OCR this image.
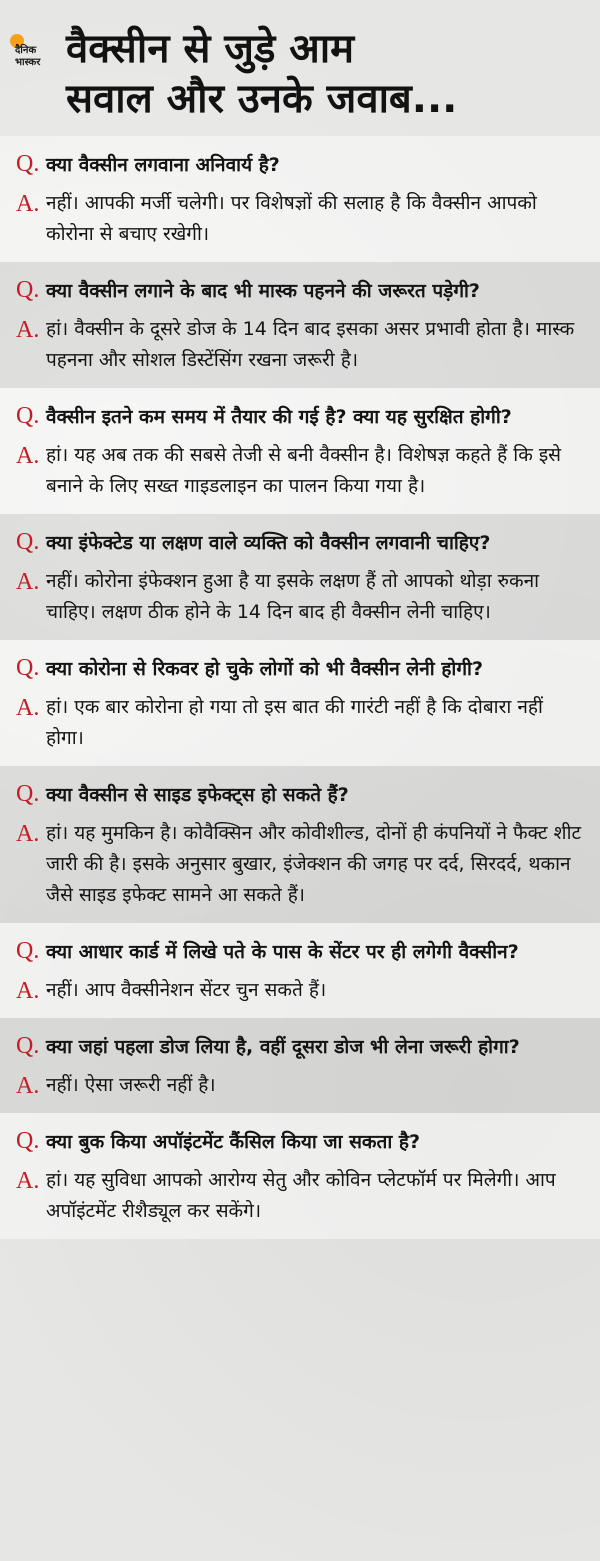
दैनिक
भास्कर वैक्सीन से जुड़े आम
सवाल और उनके जवाब...
Q. क्या वैक्सीन लगवाना अनिवार्य है?
A. नहीं। आपकी मर्जी चलेगी। पर विशेषज्ञों की सलाह है कि वैक्सीन आपको कोरोना से बचाए रखेगी।
Q. क्या वैक्सीन लगाने के बाद भी मास्क पहनने की जरूरत पड़ेगी?
A. हां। वैक्सीन के दूसरे डोज के 14 दिन बाद इसका असर प्रभावी होता है। मास्क पहनना और सोशल डिस्टेंसिंग रखना जरूरी है।
Q. वैक्सीन इतने कम समय में तैयार की गई है? क्या यह सुरक्षित होगी?
A. हां। यह अब तक की सबसे तेजी से बनी वैक्सीन है। विशेषज्ञ कहते हैं कि इसे बनाने के लिए सख्त गाइडलाइन का पालन किया गया है।
Q. क्या इंफेक्टेड या लक्षण वाले व्यक्ति को वैक्सीन लगवानी चाहिए?
A. नहीं। कोरोना इंफेक्शन हुआ है या इसके लक्षण हैं तो आपको थोड़ा रुकना चाहिए। लक्षण ठीक होने के 14 दिन बाद ही वैक्सीन लेनी चाहिए।
Q. क्या कोरोना से रिकवर हो चुके लोगों को भी वैक्सीन लेनी होगी?
A. हां। एक बार कोरोना हो गया तो इस बात की गारंटी नहीं है कि दोबारा नहीं होगा।
Q. क्या वैक्सीन से साइड इफेक्ट्स हो सकते हैं?
A. हां। यह मुमकिन है। कोवैक्सिन और कोवीशील्ड, दोनों ही कंपनियों ने फैक्ट शीट जारी की है। इसके अनुसार बुखार, इंजेक्शन की जगह पर दर्द, सिरदर्द, थकान जैसे साइड इफेक्ट सामने आ सकते हैं।
Q. क्या आधार कार्ड में लिखे पते के पास के सेंटर पर ही लगेगी वैक्सीन?
A. नहीं। आप वैक्सीनेशन सेंटर चुन सकते हैं।
Q. क्या जहां पहला डोज लिया है, वहीं दूसरा डोज भी लेना जरूरी होगा?
A. नहीं। ऐसा जरूरी नहीं है।
Q. क्या बुक किया अपॉइंटमेंट कैंसिल किया जा सकता है?
A. हां। यह सुविधा आपको आरोग्य सेतु और कोविन प्लेटफॉर्म पर मिलेगी। आप अपॉइंटमेंट रीशैड्यूल कर सकेंगे।
